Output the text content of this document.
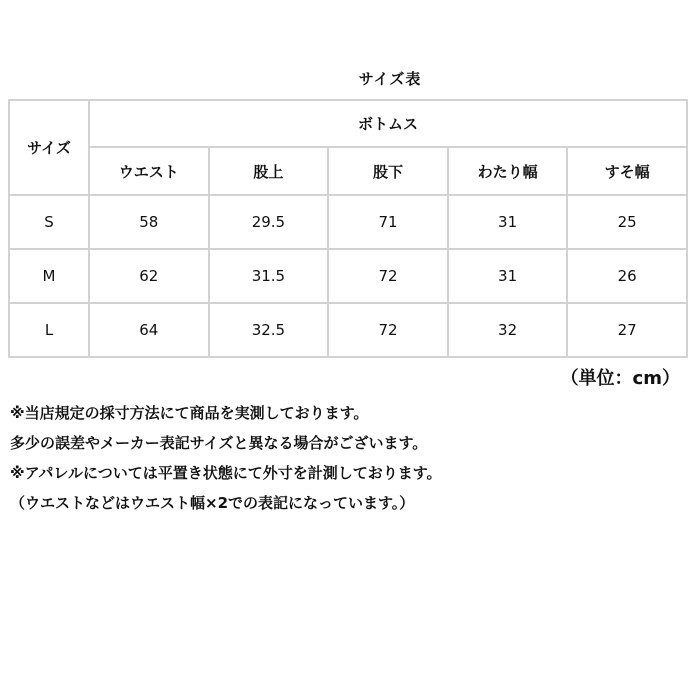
サイズ表
サイズ	ボトムス				
	ウエスト	股上	股下	わたり幅	すそ幅
S	58	29.5	71	31	25
M	62	31.5	72	31	26
L	64	32.5	72	32	27
（単位：cm）
※当店規定の採寸方法にて商品を実測しております。
多少の誤差やメーカー表記サイズと異なる場合がございます。
※アパレルについては平置き状態にて外寸を計測しております。
（ウエストなどはウエスト幅×2での表記になっています。）
